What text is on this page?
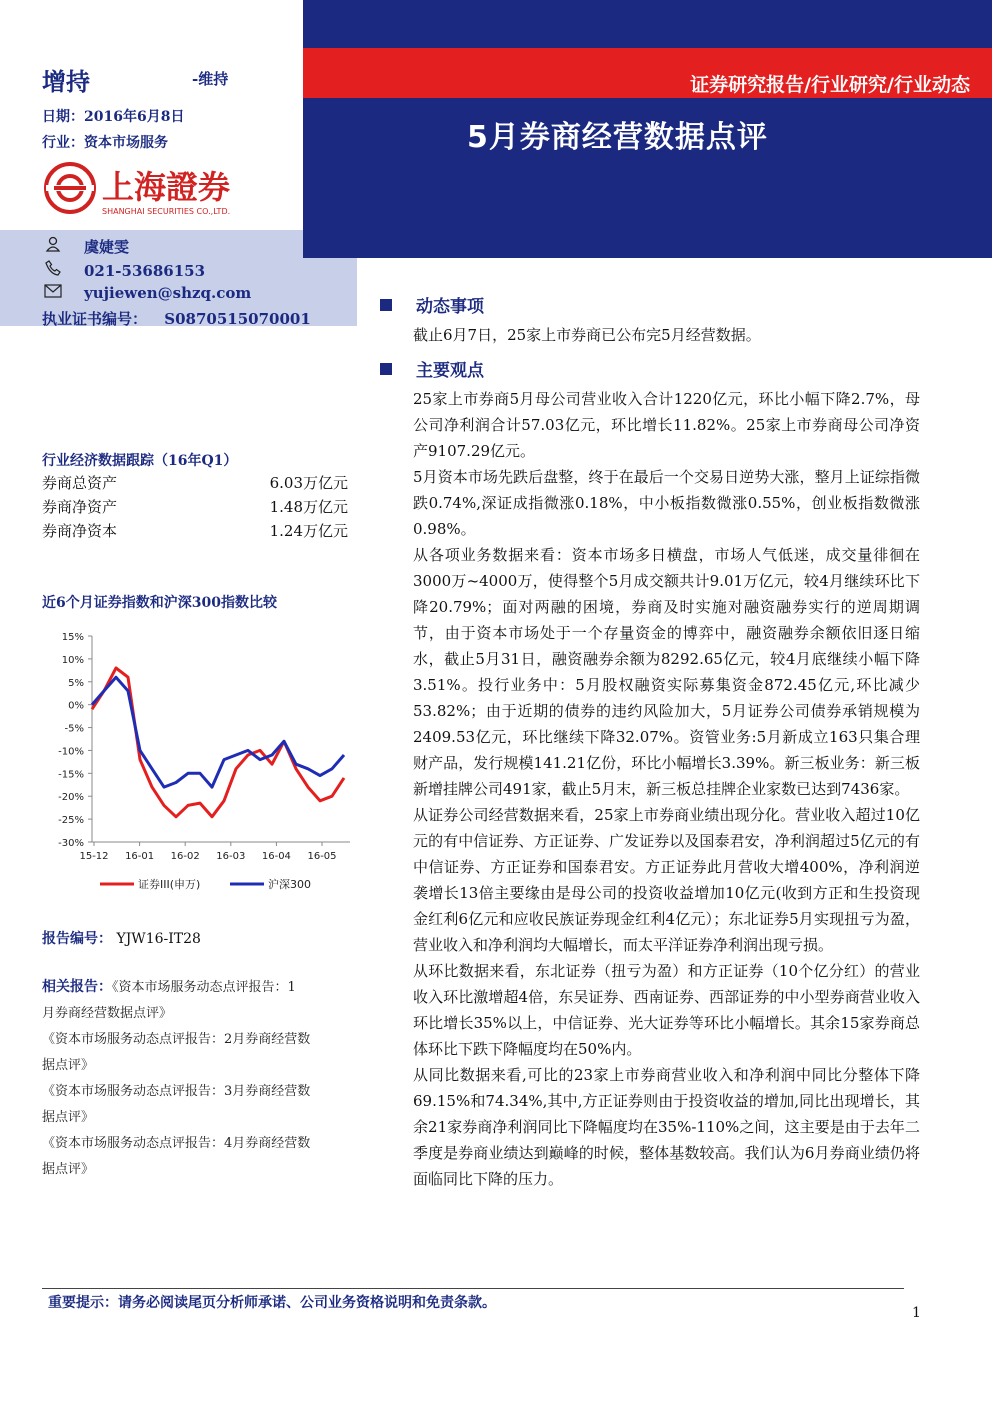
增持	-维持
日期：2016年6月8日
行业：资本市场服务
上海證券
SHANGHAI SECURITIES CO.,LTD.
证券研究报告/行业研究/行业动态
5月券商经营数据点评
虞婕雯
021-53686153
yujiewen@shzq.com
执业证书编号： S0870515070001
行业经济数据跟踪（16年Q1）
券商总资产	6.03万亿元
券商净资产	1.48万亿元
券商净资本	1.24万亿元
近6个月证券指数和沪深300指数比较
15%
10%
5%
0%
-5%
-10%
-15%
-20%
-25%
-30%
15-12 16-01 16-02 16-03 16-04 16-05
证券III(申万)	沪深300
报告编号： YJW16-IT28
相关报告：《资本市场服务动态点评报告：1
月券商经营数据点评》
《资本市场服务动态点评报告：2月券商经营数
据点评》
《资本市场服务动态点评报告：3月券商经营数
据点评》
《资本市场服务动态点评报告：4月券商经营数
据点评》
动态事项

截止6月7日，25家上市券商已公布完5月经营数据。

主要观点

25家上市券商5月母公司营业收入合计1220亿元，环比小幅下降2.7%，母公司净利润合计57.03亿元，环比增长11.82%。25家上市券商母公司净资产9107.29亿元。

5月资本市场先跌后盘整，终于在最后一个交易日逆势大涨，整月上证综指微跌0.74%,深证成指微涨0.18%，中小板指数微涨0.55%，创业板指数微涨0.98%。

从各项业务数据来看：资本市场多日横盘，市场人气低迷，成交量徘徊在3000万~4000万，使得整个5月成交额共计9.01万亿元，较4月继续环比下降20.79%；面对两融的困境，券商及时实施对融资融券实行的逆周期调节，由于资本市场处于一个存量资金的博弈中，融资融券余额依旧逐日缩水，截止5月31日，融资融券余额为8292.65亿元，较4月底继续小幅下降3.51%。投行业务中：5月股权融资实际募集资金872.45亿元,环比减少53.82%；由于近期的债券的违约风险加大，5月证券公司债券承销规模为2409.53亿元，环比继续下降32.07%。资管业务:5月新成立163只集合理财产品，发行规模141.21亿份，环比小幅增长3.39%。新三板业务：新三板新增挂牌公司491家，截止5月末，新三板总挂牌企业家数已达到7436家。

从证券公司经营数据来看，25家上市券商业绩出现分化。营业收入超过10亿元的有中信证券、方正证券、广发证券以及国泰君安，净利润超过5亿元的有中信证券、方正证券和国泰君安。方正证券此月营收大增400%，净利润逆袭增长13倍主要缘由是母公司的投资收益增加10亿元(收到方正和生投资现金红利6亿元和应收民族证券现金红利4亿元）；东北证券5月实现扭亏为盈，营业收入和净利润均大幅增长，而太平洋证券净利润出现亏损。

从环比数据来看，东北证券（扭亏为盈）和方正证券（10个亿分红）的营业收入环比激增超4倍，东吴证券、西南证券、西部证券的中小型券商营业收入环比增长35%以上，中信证券、光大证券等环比小幅增长。其余15家券商总体环比下跌下降幅度均在50%内。

从同比数据来看,可比的23家上市券商营业收入和净利润中同比分整体下降69.15%和74.34%,其中,方正证券则由于投资收益的增加,同比出现增长，其余21家券商净利润同比下降幅度均在35%-110%之间，这主要是由于去年二季度是券商业绩达到巅峰的时候，整体基数较高。我们认为6月券商业绩仍将面临同比下降的压力。

重要提示：请务必阅读尾页分析师承诺、公司业务资格说明和免责条款。
1
